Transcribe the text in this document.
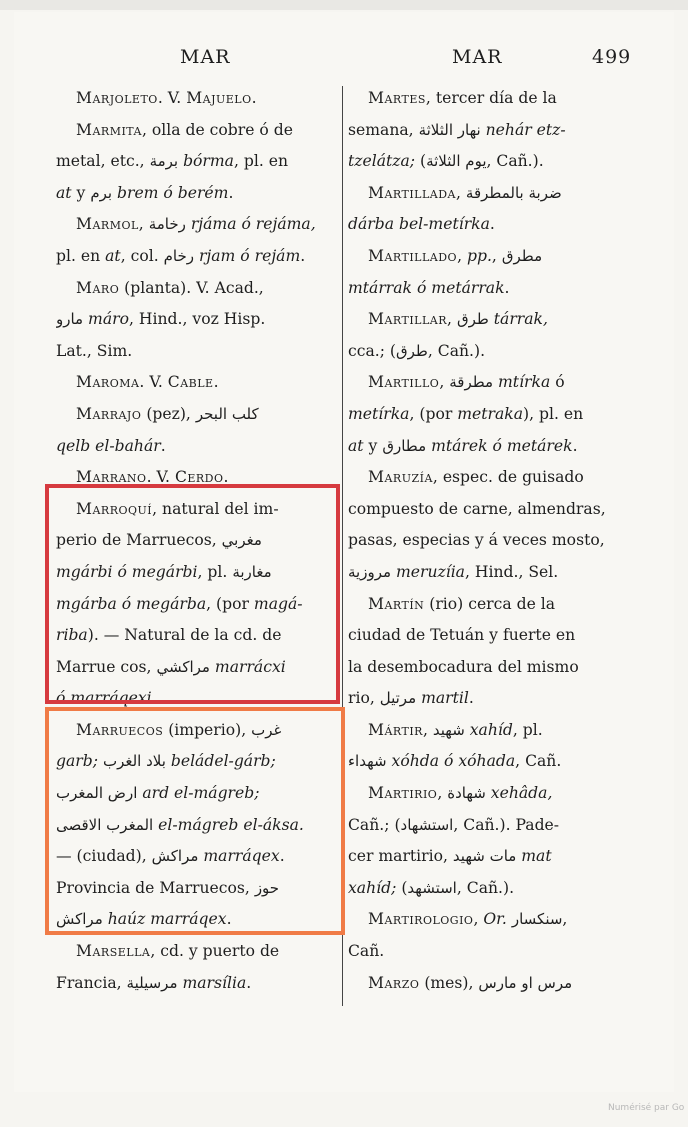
MAR	MAR	499
Marjoleto. V. Majuelo.
Marmita, olla de cobre ó de
metal, etc., برمة bórma, pl. en
at y برم brem ó berém.
Marmol, رخامة rjáma ó rejáma,
pl. en at, col. رخام rjam ó rejám.
Maro (planta). V. Acad.,
مارو máro, Hind., voz Hisp.
Lat., Sim.
Maroma. V. Cable.
Marrajo (pez), كلب البحر
qelb el-bahár.
Marrano. V. Cerdo.
Marroquí, natural del im-
perio de Marruecos, مغربي
mgárbi ó megárbi, pl. مغاربة
mgárba ó megárba, (por magá-
riba). — Natural de la cd. de
Marrue cos, مراكشي marrácxi
ó marráqexi.
Marruecos (imperio), غرب
garb; بلاد الغرب beládel-gárb;
ارض المغرب ard el-mágreb;
المغرب الاقصى el-mágreb el-áksa.
— (ciudad), مراكش marráqex.
Provincia de Marruecos, حوز
مراكش haúz marráqex.
Marsella, cd. y puerto de
Francia, مرسيلية marsília.
Martes, tercer día de la
semana, نهار الثلاثة nehár etz-
tzelátza; (يوم الثلاثة, Cañ.).
Martillada, ضربة بالمطرقة
dárba bel-metírka.
Martillado, pp., مطرق
mtárrak ó metárrak.
Martillar, طرق tárrak,
cca.; (طرق, Cañ.).
Martillo, مطرقة mtírka ó
metírka, (por metraka), pl. en
at y مطارق mtárek ó metárek.
Maruzía, espec. de guisado
compuesto de carne, almendras,
pasas, especias y á veces mosto,
مروزية meruzíia, Hind., Sel.
Martín (rio) cerca de la
ciudad de Tetuán y fuerte en
la desembocadura del mismo
rio, مرتيل martil.
Mártir, شهيد xahíd, pl.
شهداء xóhda ó xóhada, Cañ.
Martirio, شهادة xehâda,
Cañ.; (استشهاد, Cañ.). Pade-
cer martirio, مات شهيد mat
xahíd; (استشهد, Cañ.).
Martirologio, Or. سنكسار,
Cañ.
Marzo (mes), مرس او مارس
Numérisé par Go
